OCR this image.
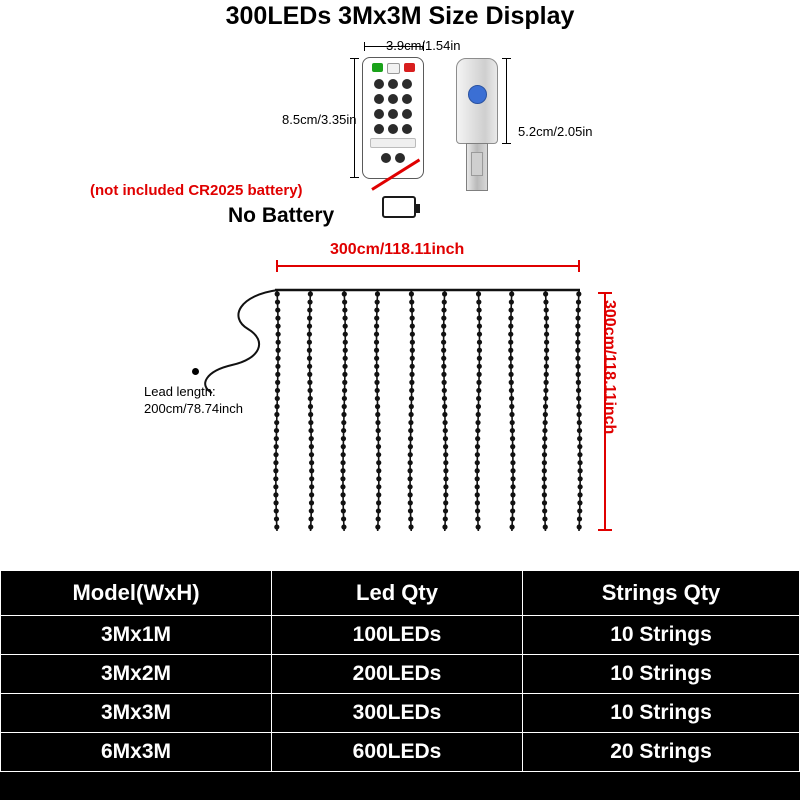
300LEDs 3Mx3M Size Display
3.9cm/1.54in
8.5cm/3.35in
5.2cm/2.05in
(not included CR2025 battery)
No Battery
300cm/118.11inch
300cm/118.11inch
Lead length:
200cm/78.74inch
Model(WxH)	Led Qty	Strings Qty
3Mx1M	100LEDs	10 Strings
3Mx2M	200LEDs	10 Strings
3Mx3M	300LEDs	10 Strings
6Mx3M	600LEDs	20 Strings
